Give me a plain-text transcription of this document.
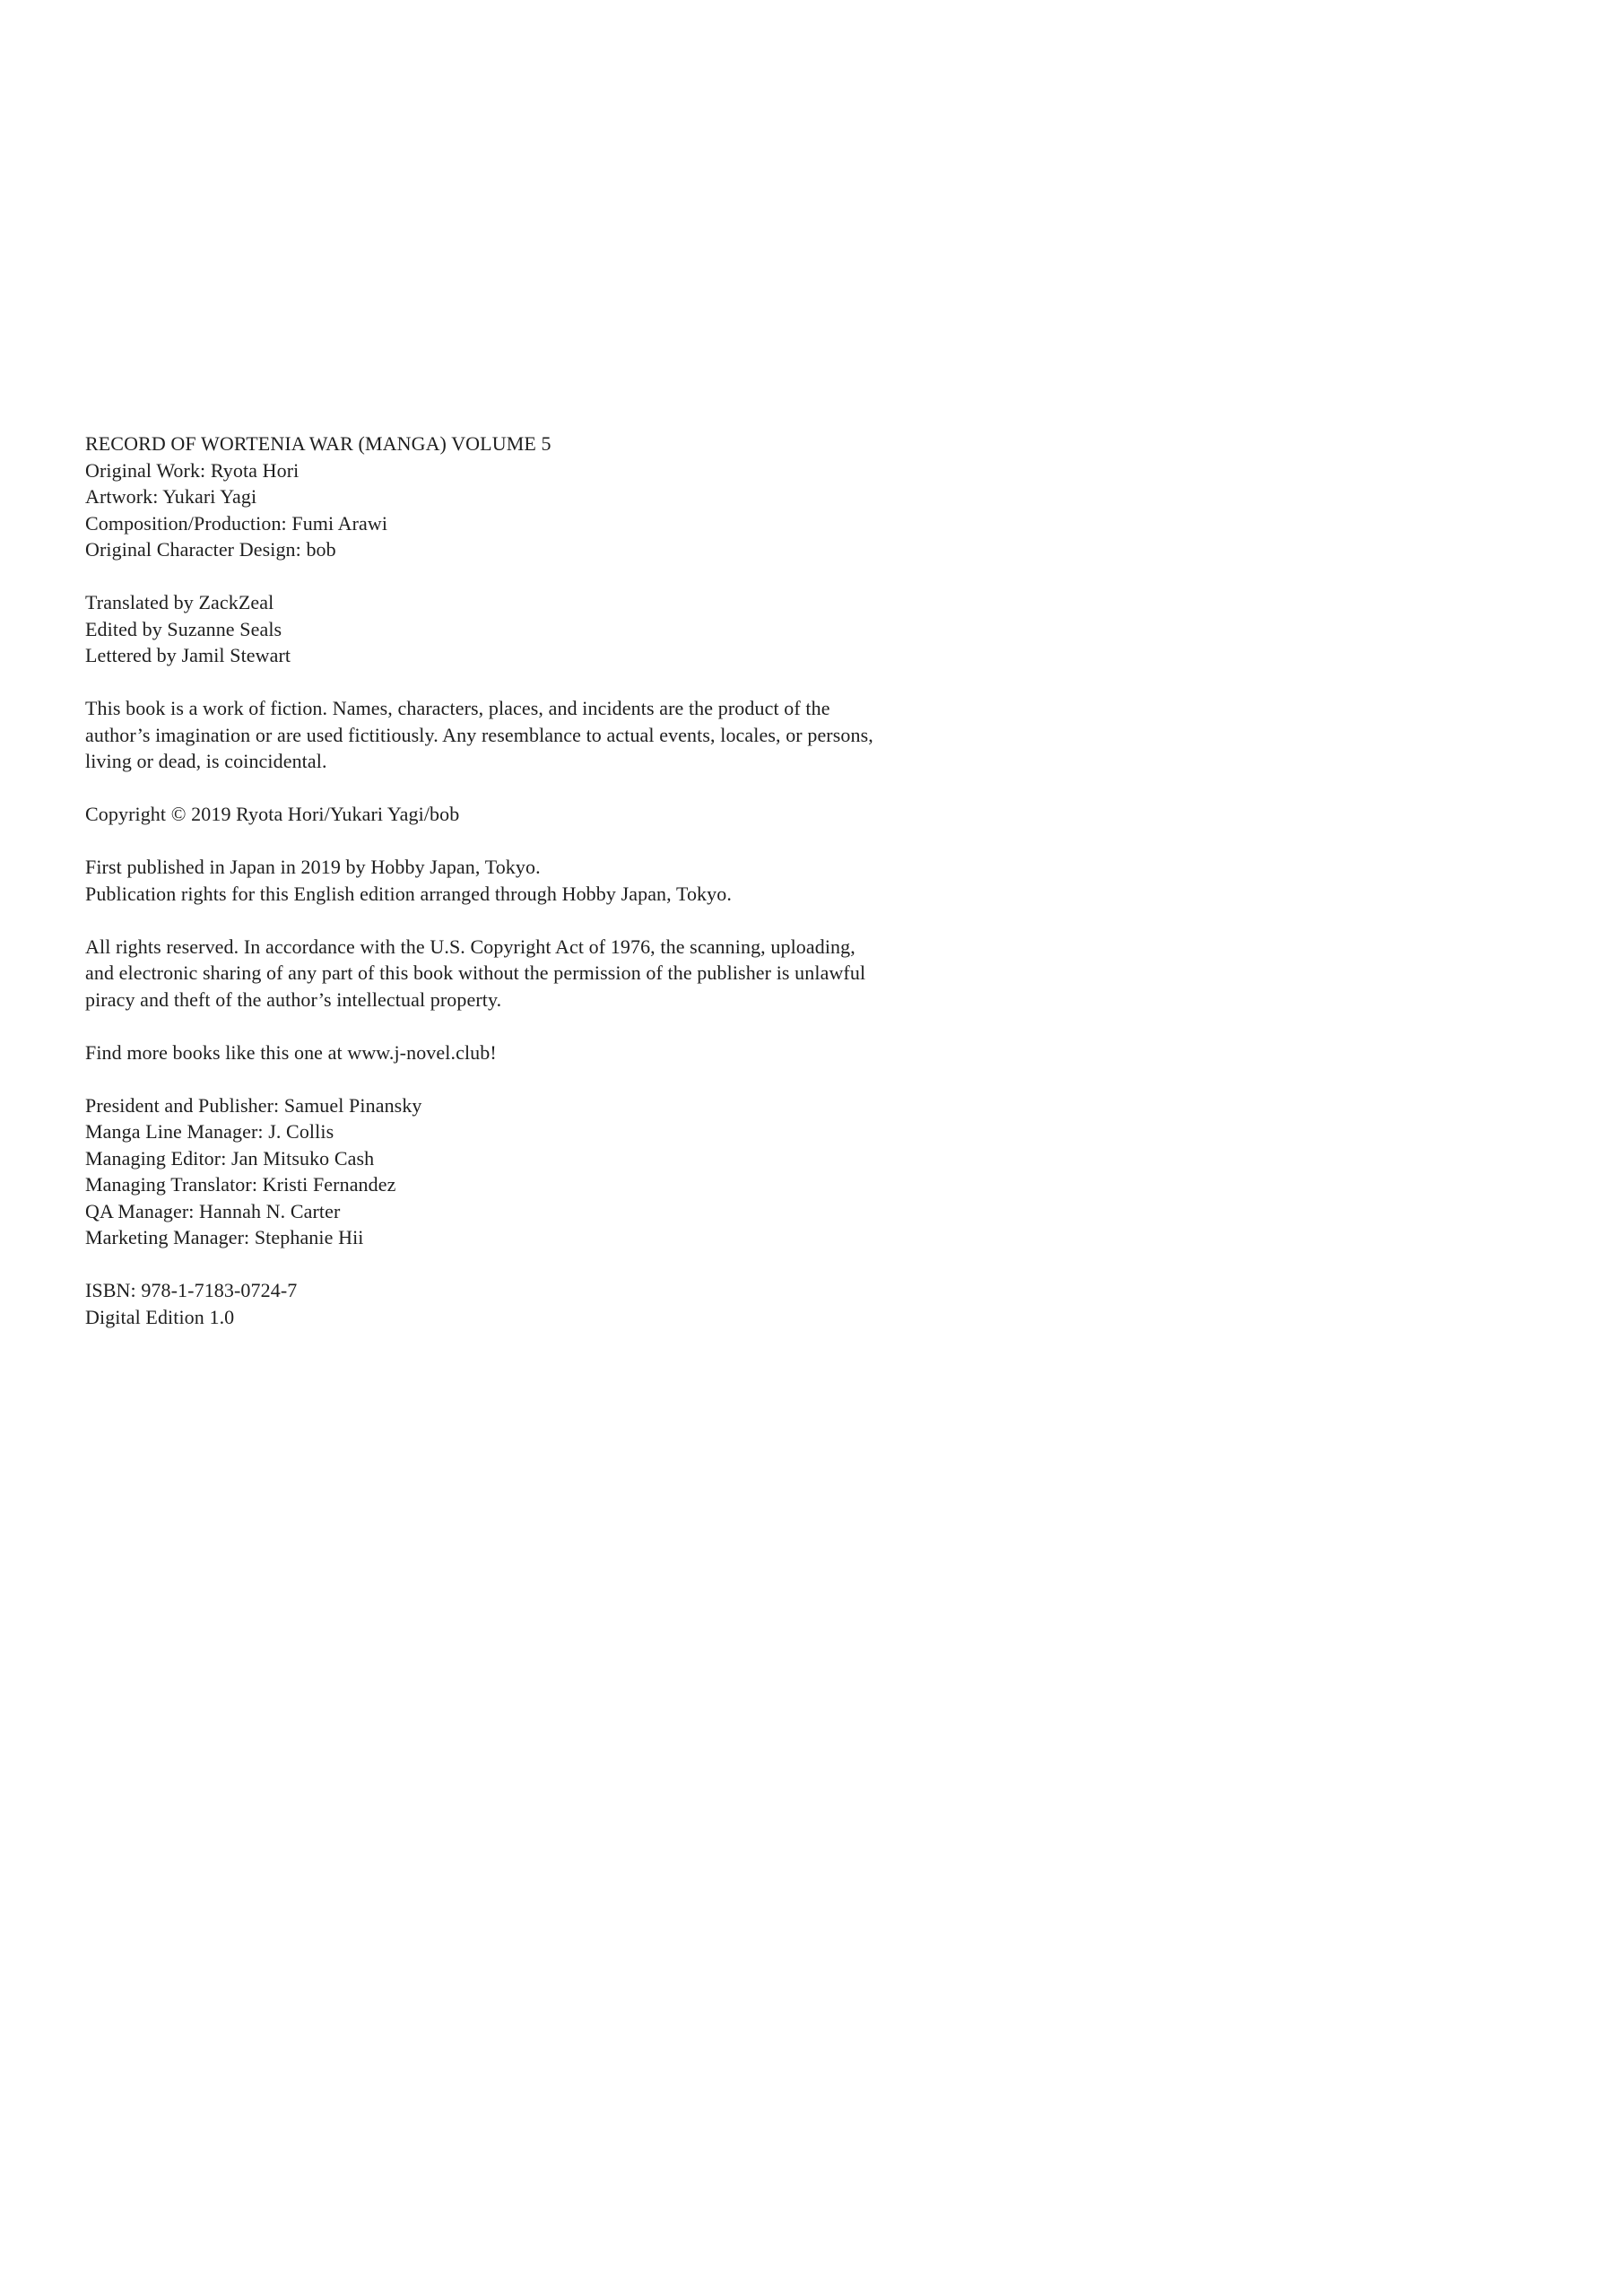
RECORD OF WORTENIA WAR (MANGA) VOLUME 5

Original Work: Ryota Hori

Artwork: Yukari Yagi

Composition/Production: Fumi Arawi

Original Character Design: bob

Translated by ZackZeal

Edited by Suzanne Seals

Lettered by Jamil Stewart

This book is a work of fiction. Names, characters, places, and incidents are the product of the author’s imagination or are used fictitiously. Any resemblance to actual events, locales, or persons, living or dead, is coincidental.

Copyright © 2019 Ryota Hori/Yukari Yagi/bob

First published in Japan in 2019 by Hobby Japan, Tokyo.

Publication rights for this English edition arranged through Hobby Japan, Tokyo.

All rights reserved. In accordance with the U.S. Copyright Act of 1976, the scanning, uploading, and electronic sharing of any part of this book without the permission of the publisher is unlawful piracy and theft of the author’s intellectual property.

Find more books like this one at www.j-novel.club!

President and Publisher: Samuel Pinansky

Manga Line Manager: J. Collis

Managing Editor: Jan Mitsuko Cash

Managing Translator: Kristi Fernandez

QA Manager: Hannah N. Carter

Marketing Manager: Stephanie Hii

ISBN: 978-1-7183-0724-7

Digital Edition 1.0
